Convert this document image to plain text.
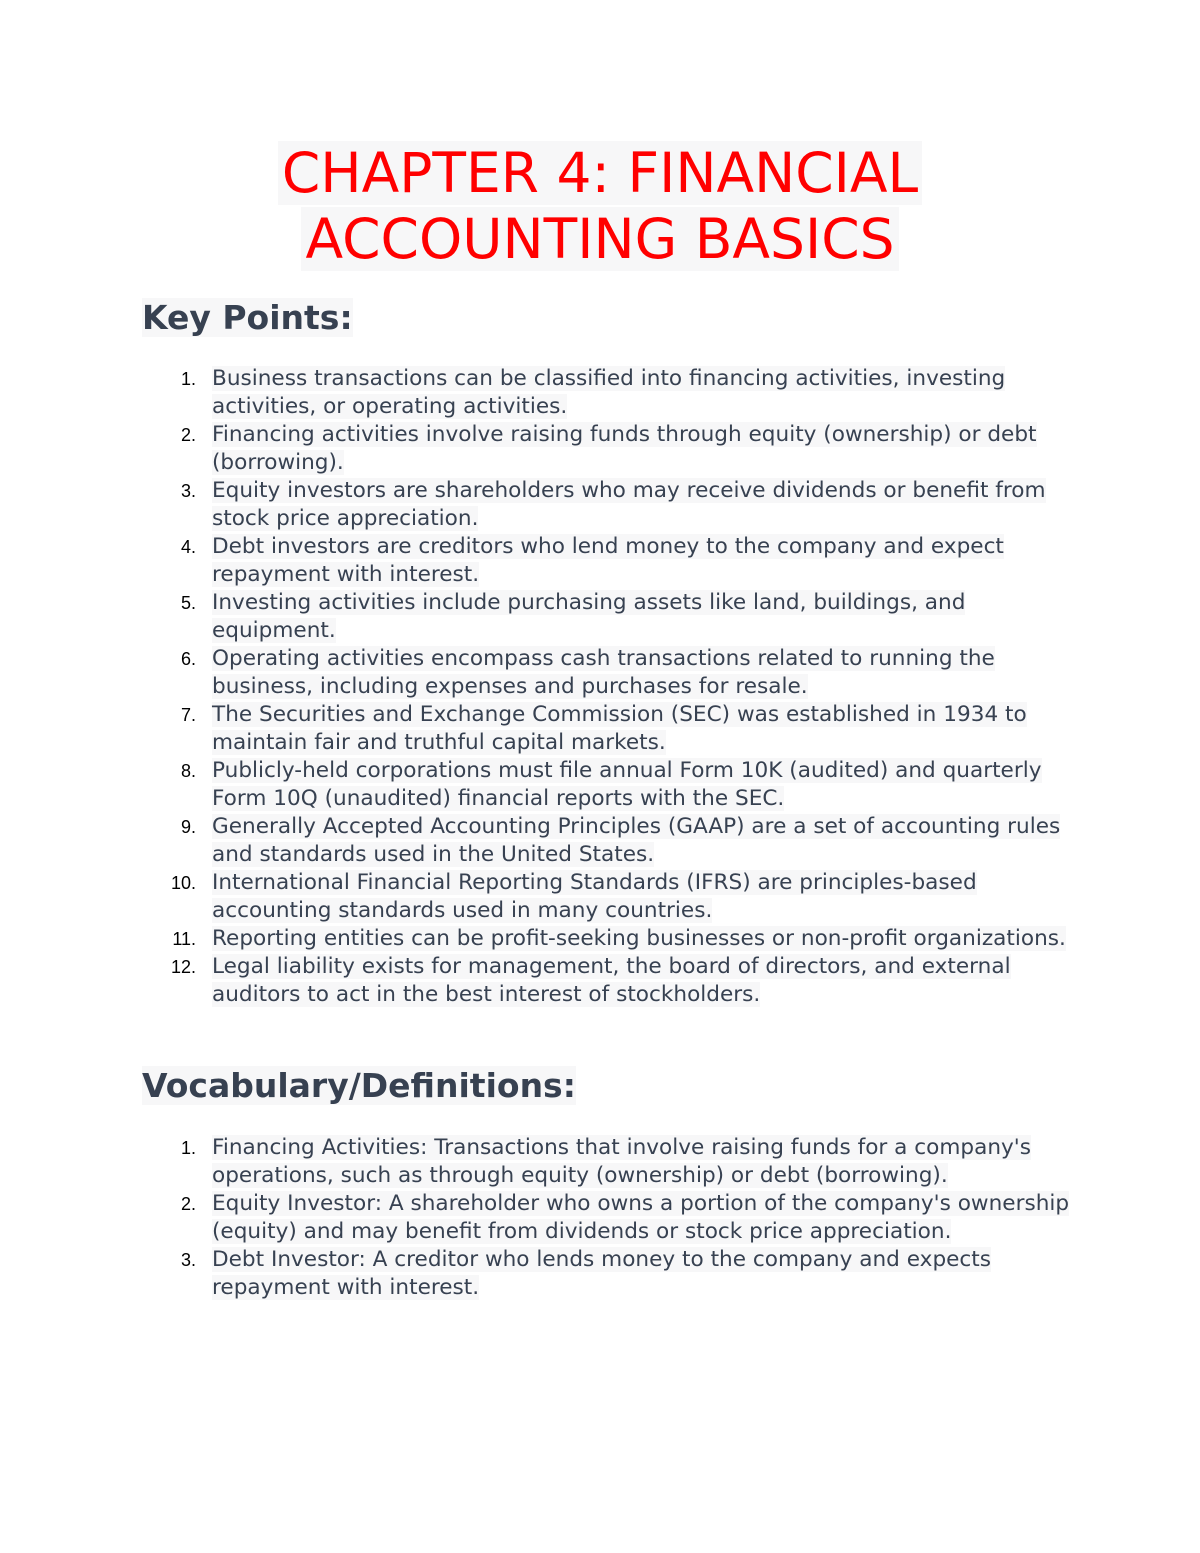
CHAPTER 4: FINANCIAL
ACCOUNTING BASICS
Key Points:
1. Business transactions can be classified into financing activities, investing activities, or operating activities.
2. Financing activities involve raising funds through equity (ownership) or debt (borrowing).
3. Equity investors are shareholders who may receive dividends or benefit from stock price appreciation.
4. Debt investors are creditors who lend money to the company and expect repayment with interest.
5. Investing activities include purchasing assets like land, buildings, and equipment.
6. Operating activities encompass cash transactions related to running the business, including expenses and purchases for resale.
7. The Securities and Exchange Commission (SEC) was established in 1934 to maintain fair and truthful capital markets.
8. Publicly-held corporations must file annual Form 10K (audited) and quarterly Form 10Q (unaudited) financial reports with the SEC.
9. Generally Accepted Accounting Principles (GAAP) are a set of accounting rules and standards used in the United States.
10. International Financial Reporting Standards (IFRS) are principles-based accounting standards used in many countries.
11. Reporting entities can be profit-seeking businesses or non-profit organizations.
12. Legal liability exists for management, the board of directors, and external auditors to act in the best interest of stockholders.
Vocabulary/Definitions:
1. Financing Activities: Transactions that involve raising funds for a company's operations, such as through equity (ownership) or debt (borrowing).
2. Equity Investor: A shareholder who owns a portion of the company's ownership (equity) and may benefit from dividends or stock price appreciation.
3. Debt Investor: A creditor who lends money to the company and expects repayment with interest.
